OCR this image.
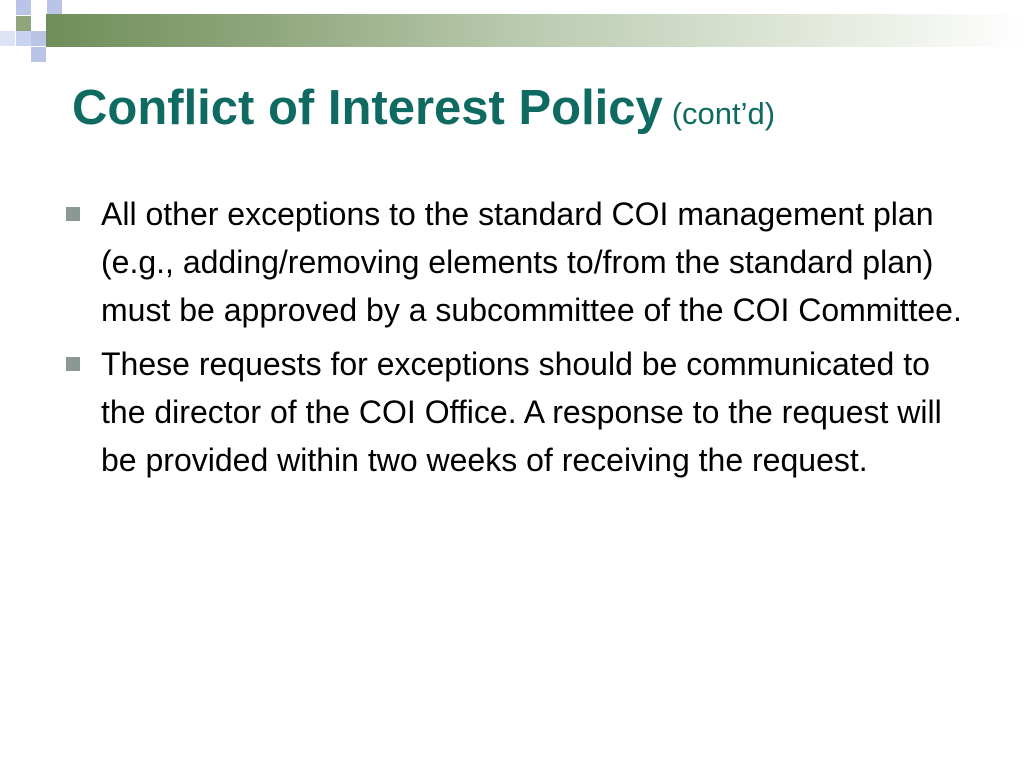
Conflict of Interest Policy (cont’d)
All other exceptions to the standard COI management plan (e.g., adding/removing elements to/from the standard plan) must be approved by a subcommittee of the COI Committee.
These requests for exceptions should be communicated to the director of the COI Office. A response to the request will be provided within two weeks of receiving the request.
